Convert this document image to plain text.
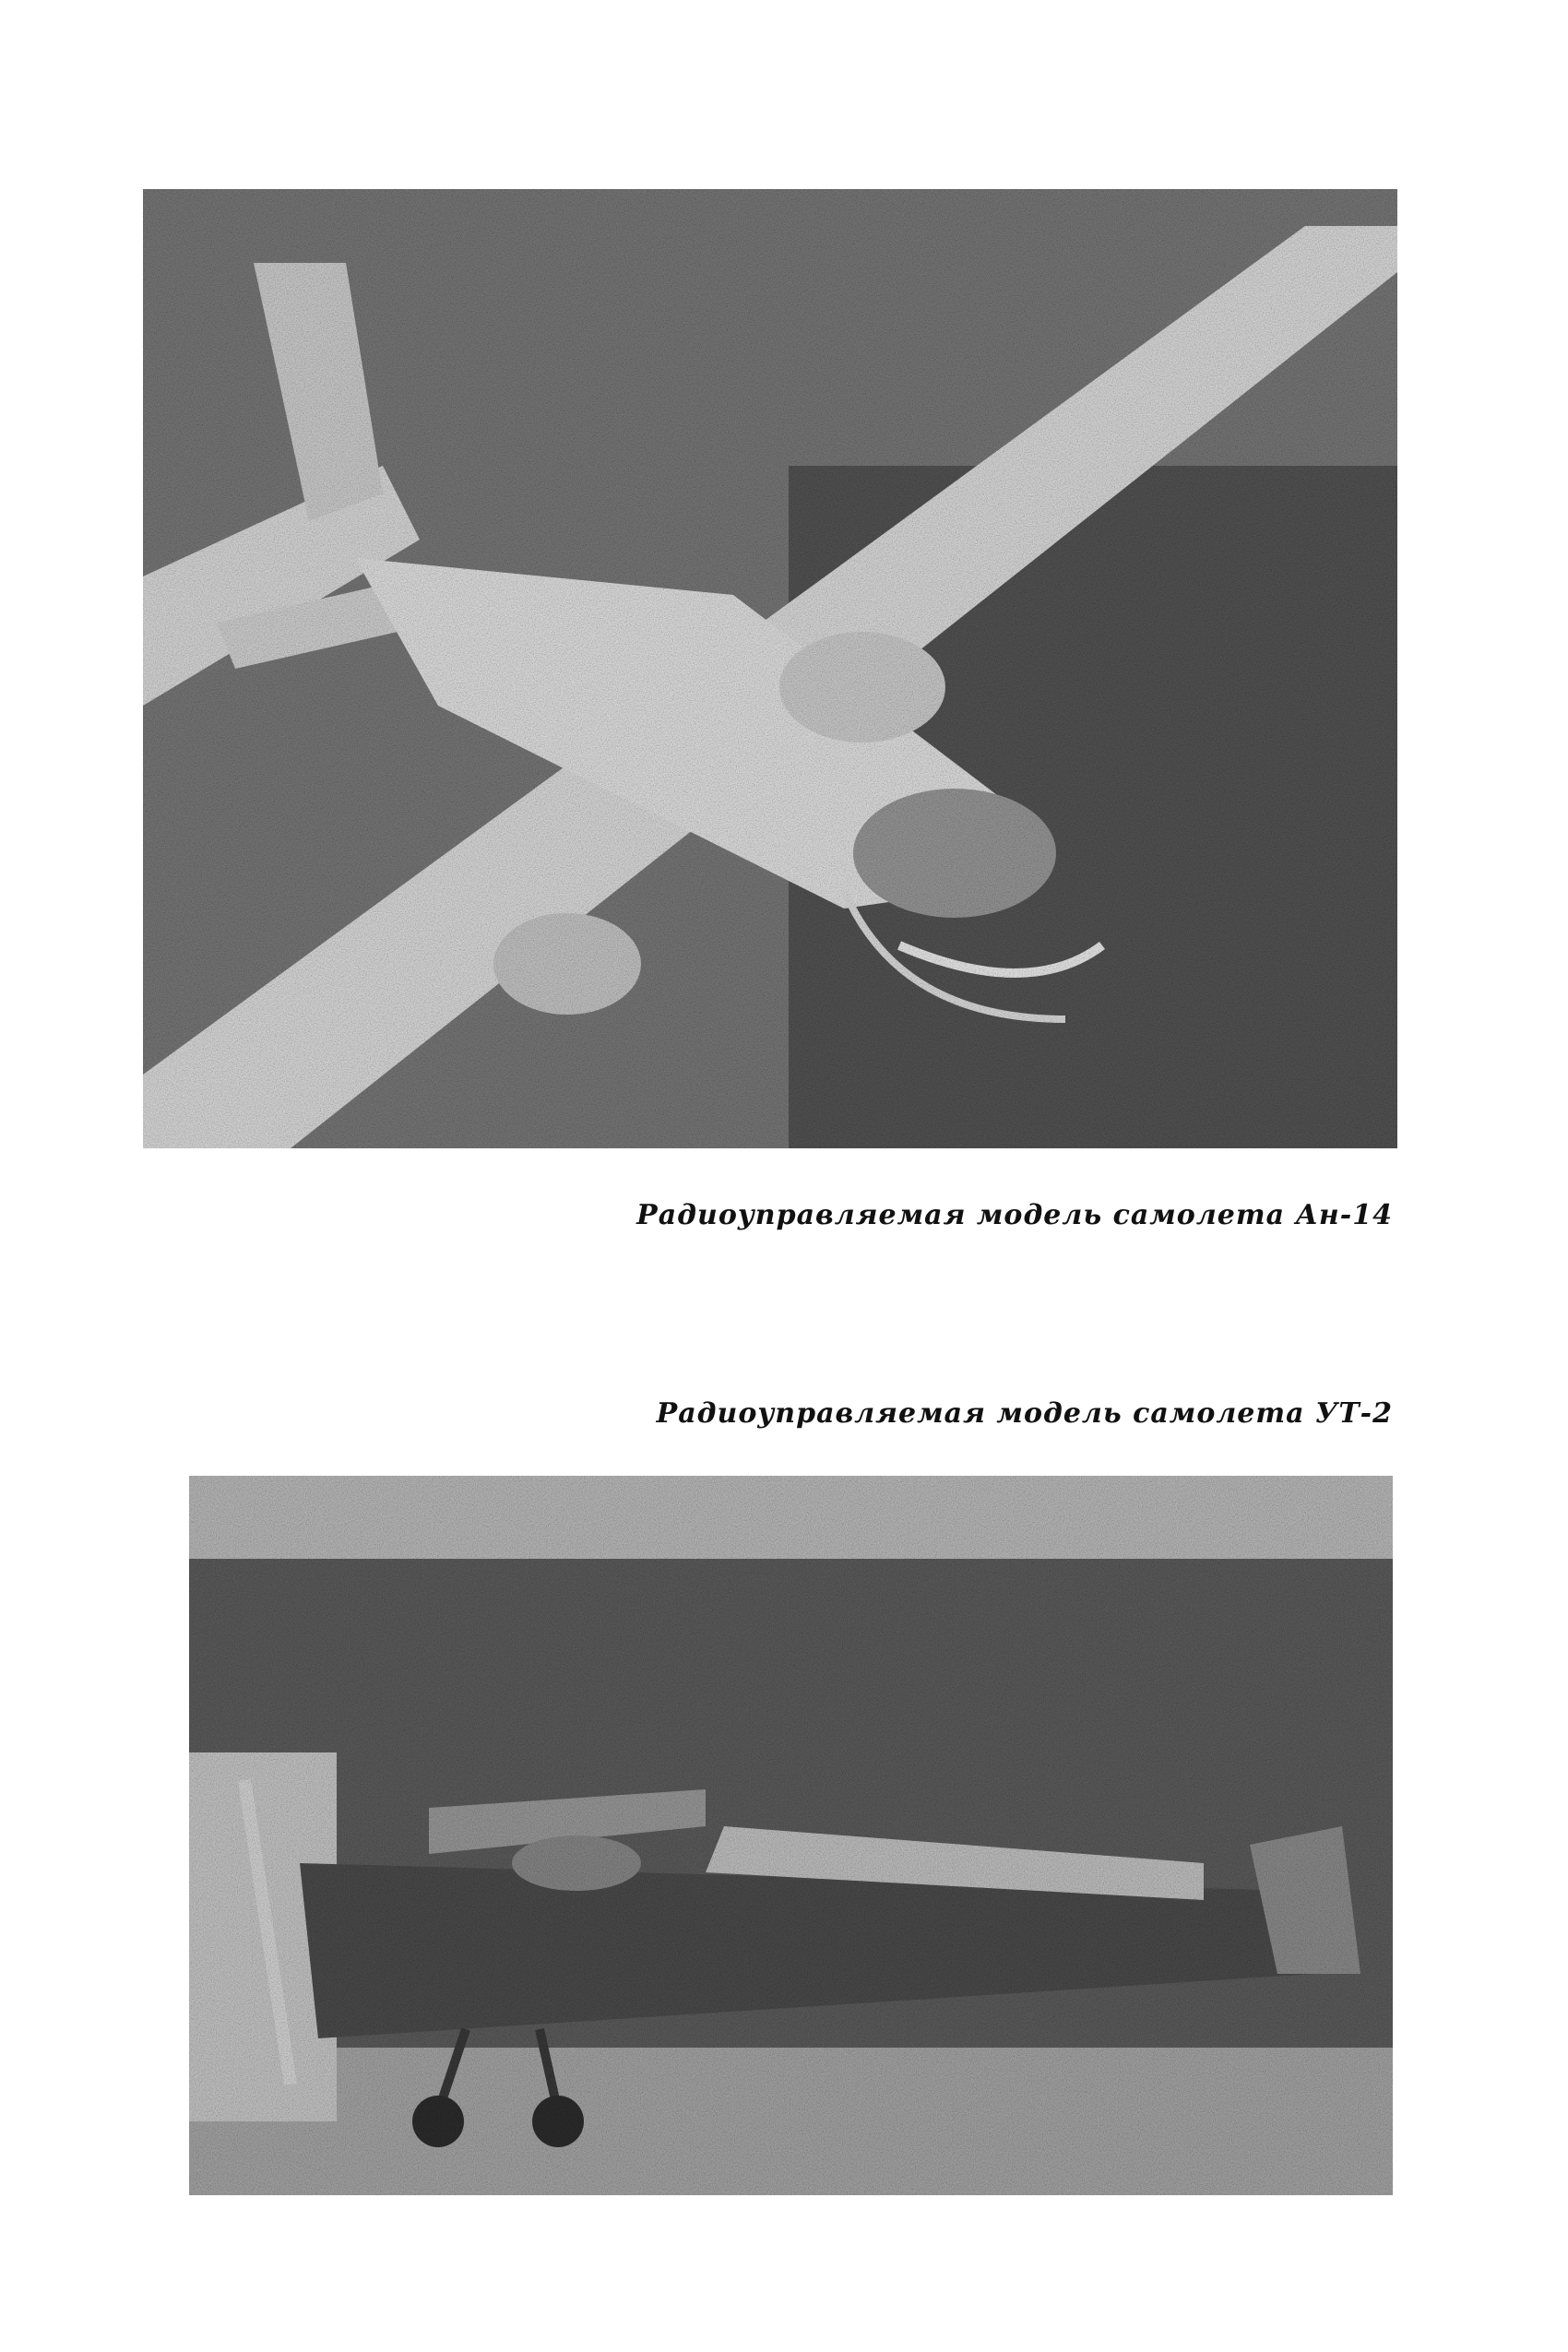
Радиоуправляемая модель самолета Ан-14
Радиоуправляемая модель самолета УТ-2
